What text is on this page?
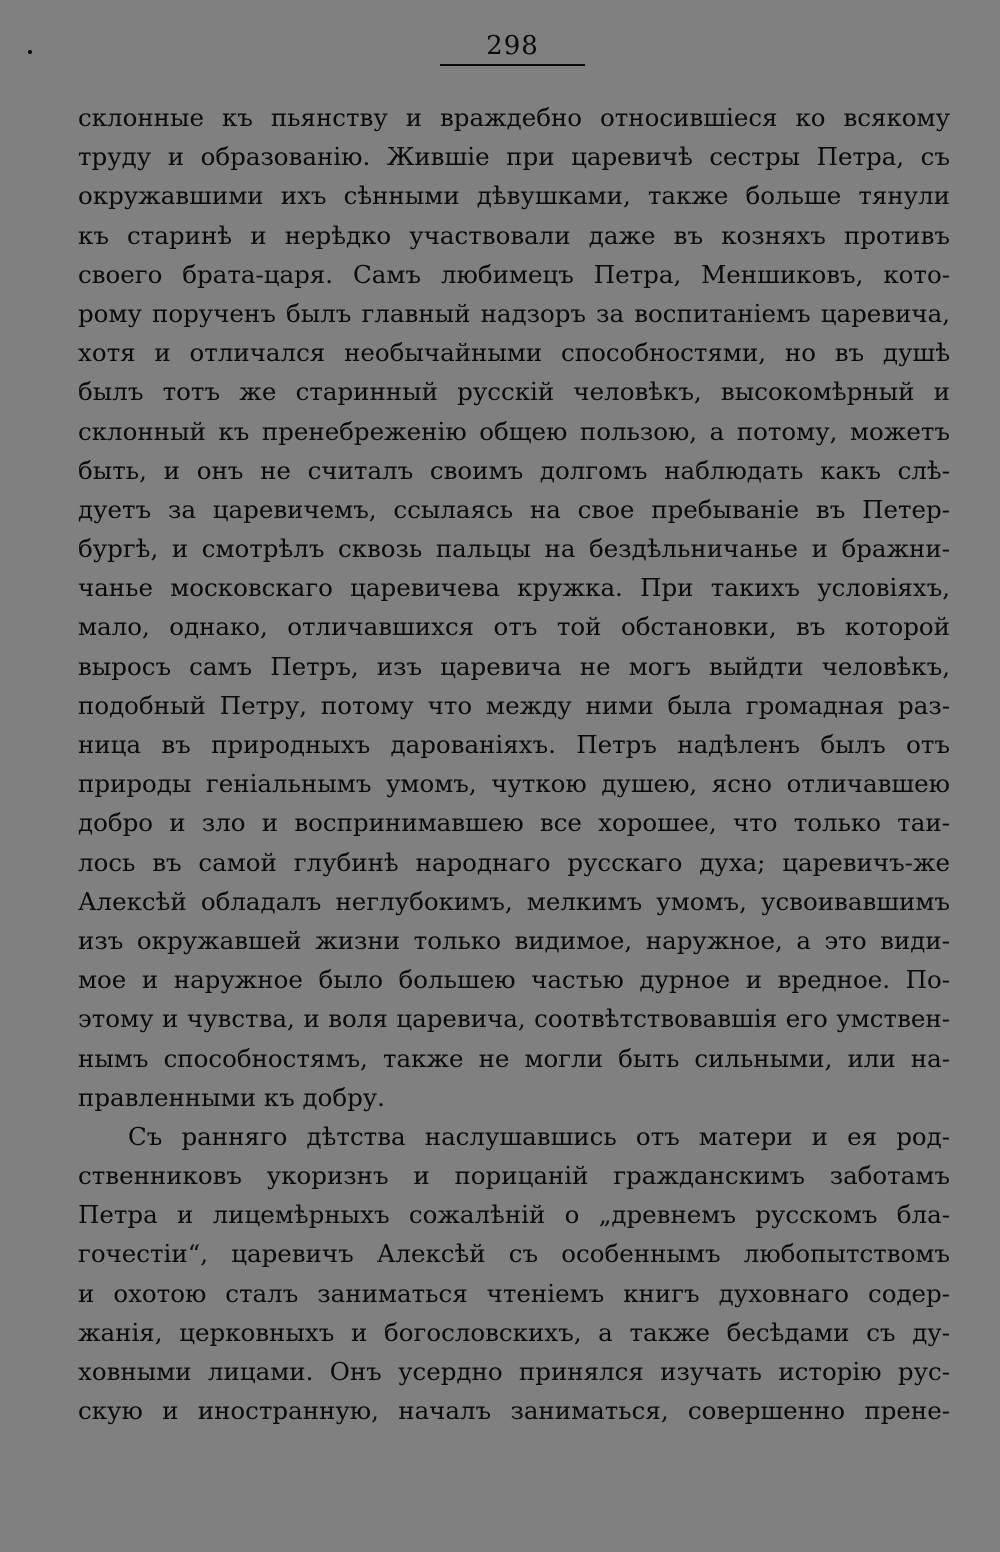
298
склонные къ пьянству и враждебно относившіеся ко всякому
труду и образованію. Жившіе при царевичѣ сестры Петра, съ
окружавшими ихъ сѣнными дѣвушками, также больше тянули
къ старинѣ и нерѣдко участвовали даже въ козняхъ противъ
своего брата-царя. Самъ любимецъ Петра, Меншиковъ, кото-
рому порученъ былъ главный надзоръ за воспитаніемъ царевича,
хотя и отличался необычайными способностями, но въ душѣ
былъ тотъ же старинный русскій человѣкъ, высокомѣрный и
склонный къ пренебреженію общею пользою, а потому, можетъ
быть, и онъ не считалъ своимъ долгомъ наблюдать какъ слѣ-
дуетъ за царевичемъ, ссылаясь на свое пребываніе въ Петер-
бургѣ, и смотрѣлъ сквозь пальцы на бездѣльничанье и бражни-
чанье московскаго царевичева кружка. При такихъ условіяхъ,
мало, однако, отличавшихся отъ той обстановки, въ которой
выросъ самъ Петръ, изъ царевича не могъ выйдти человѣкъ,
подобный Петру, потому что между ними была громадная раз-
ница въ природныхъ дарованіяхъ. Петръ надѣленъ былъ отъ
природы геніальнымъ умомъ, чуткою душею, ясно отличавшею
добро и зло и воспринимавшею все хорошее, что только таи-
лось въ самой глубинѣ народнаго русскаго духа; царевичъ-же
Алексѣй обладалъ неглубокимъ, мелкимъ умомъ, усвоивавшимъ
изъ окружавшей жизни только видимое, наружное, а это види-
мое и наружное было большею частью дурное и вредное. По-
этому и чувства, и воля царевича, соотвѣтствовавшія его умствен-
нымъ способностямъ, также не могли быть сильными, или на-
правленными къ добру.
Съ ранняго дѣтства наслушавшись отъ матери и ея род-
ственниковъ укоризнъ и порицаній гражданскимъ заботамъ
Петра и лицемѣрныхъ сожалѣній о „древнемъ русскомъ бла-
гочестіи“, царевичъ Алексѣй съ особеннымъ любопытствомъ
и охотою сталъ заниматься чтеніемъ книгъ духовнаго содер-
жанія, церковныхъ и богословскихъ, а также бесѣдами съ ду-
ховными лицами. Онъ усердно принялся изучать исторію рус-
скую и иностранную, началъ заниматься, совершенно прене-
